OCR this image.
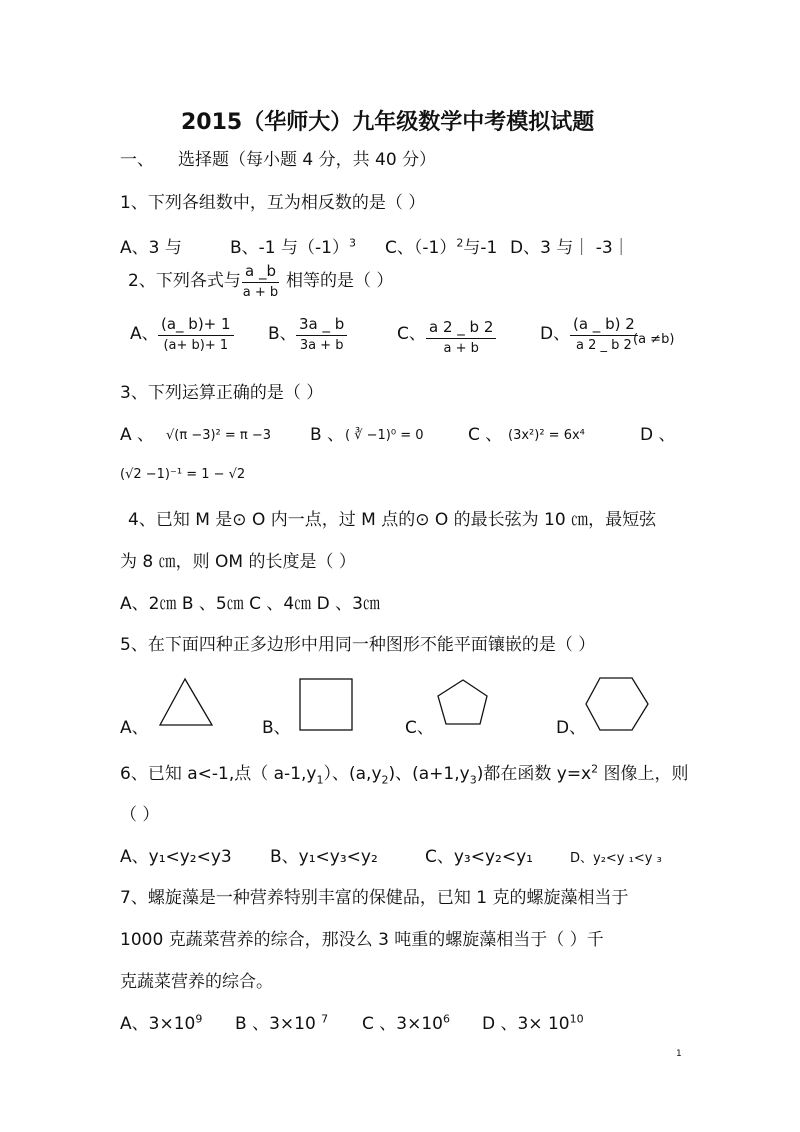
2015（华师大）九年级数学中考模拟试题
一、 选择题（每小题 4 分，共 40 分）
1、下列各组数中，互为相反数的是（ ）
A、3 与	B、-1 与$(-1)^3$ C、$(-1)^2$与-1 D、3 与｜ -3｜
2、下列各式与 $\frac{a \_b}{a + b}$ 相等的是（ ）
A、 $\frac{(a\_ b)+ 1}{(a+ b)+ 1}$ B、 $\frac{3a \_ b}{3a + b}$	C、 $\frac{a 2 \_ b 2}{a + b}$	D、 $\frac{(a \_ b) 2}{a 2 \_ b 2}$
(a ≠b)
3、下列运算正确的是（ ）
A 、 √(π −3)² = π −3 B 、 ( ∛ −1)⁰ = 0	C 、 (3x²)² = 6x⁴	D 、
(√2 −1)⁻¹ = 1 − √2
4、已知 M 是⊙ O 内一点，过 M 点的⊙ O 的最长弦为 10 ㎝，最短弦
为 8 ㎝，则 OM 的长度是（ ）
A、2㎝ B 、5㎝ C 、4㎝ D 、3㎝
5、在下面四种正多边形中用同一种图形不能平面镶嵌的是（ ）
A、	B、	C、	D、
6、已知 a<-1,点（ $a-1,y_1$）、$(a,y_2)$、$(a+1,y_3)$都在函数 $y=x^2$ 图像上，则
（ ）
A、y₁<y₂<y3 B、y₁<y₃<y₂	C、y₃<y₂<y₁	D、y₂<y ₁<y ₃
7、螺旋藻是一种营养特别丰富的保健品，已知 1 克的螺旋藻相当于
1000 克蔬菜营养的综合，那没么 3 吨重的螺旋藻相当于（ ）千
克蔬菜营养的综合。
A、$3\times 10^9$ B 、3×10 $^7$ C 、$3\times 10^6$ D 、$3\times 10^{10}$
1
